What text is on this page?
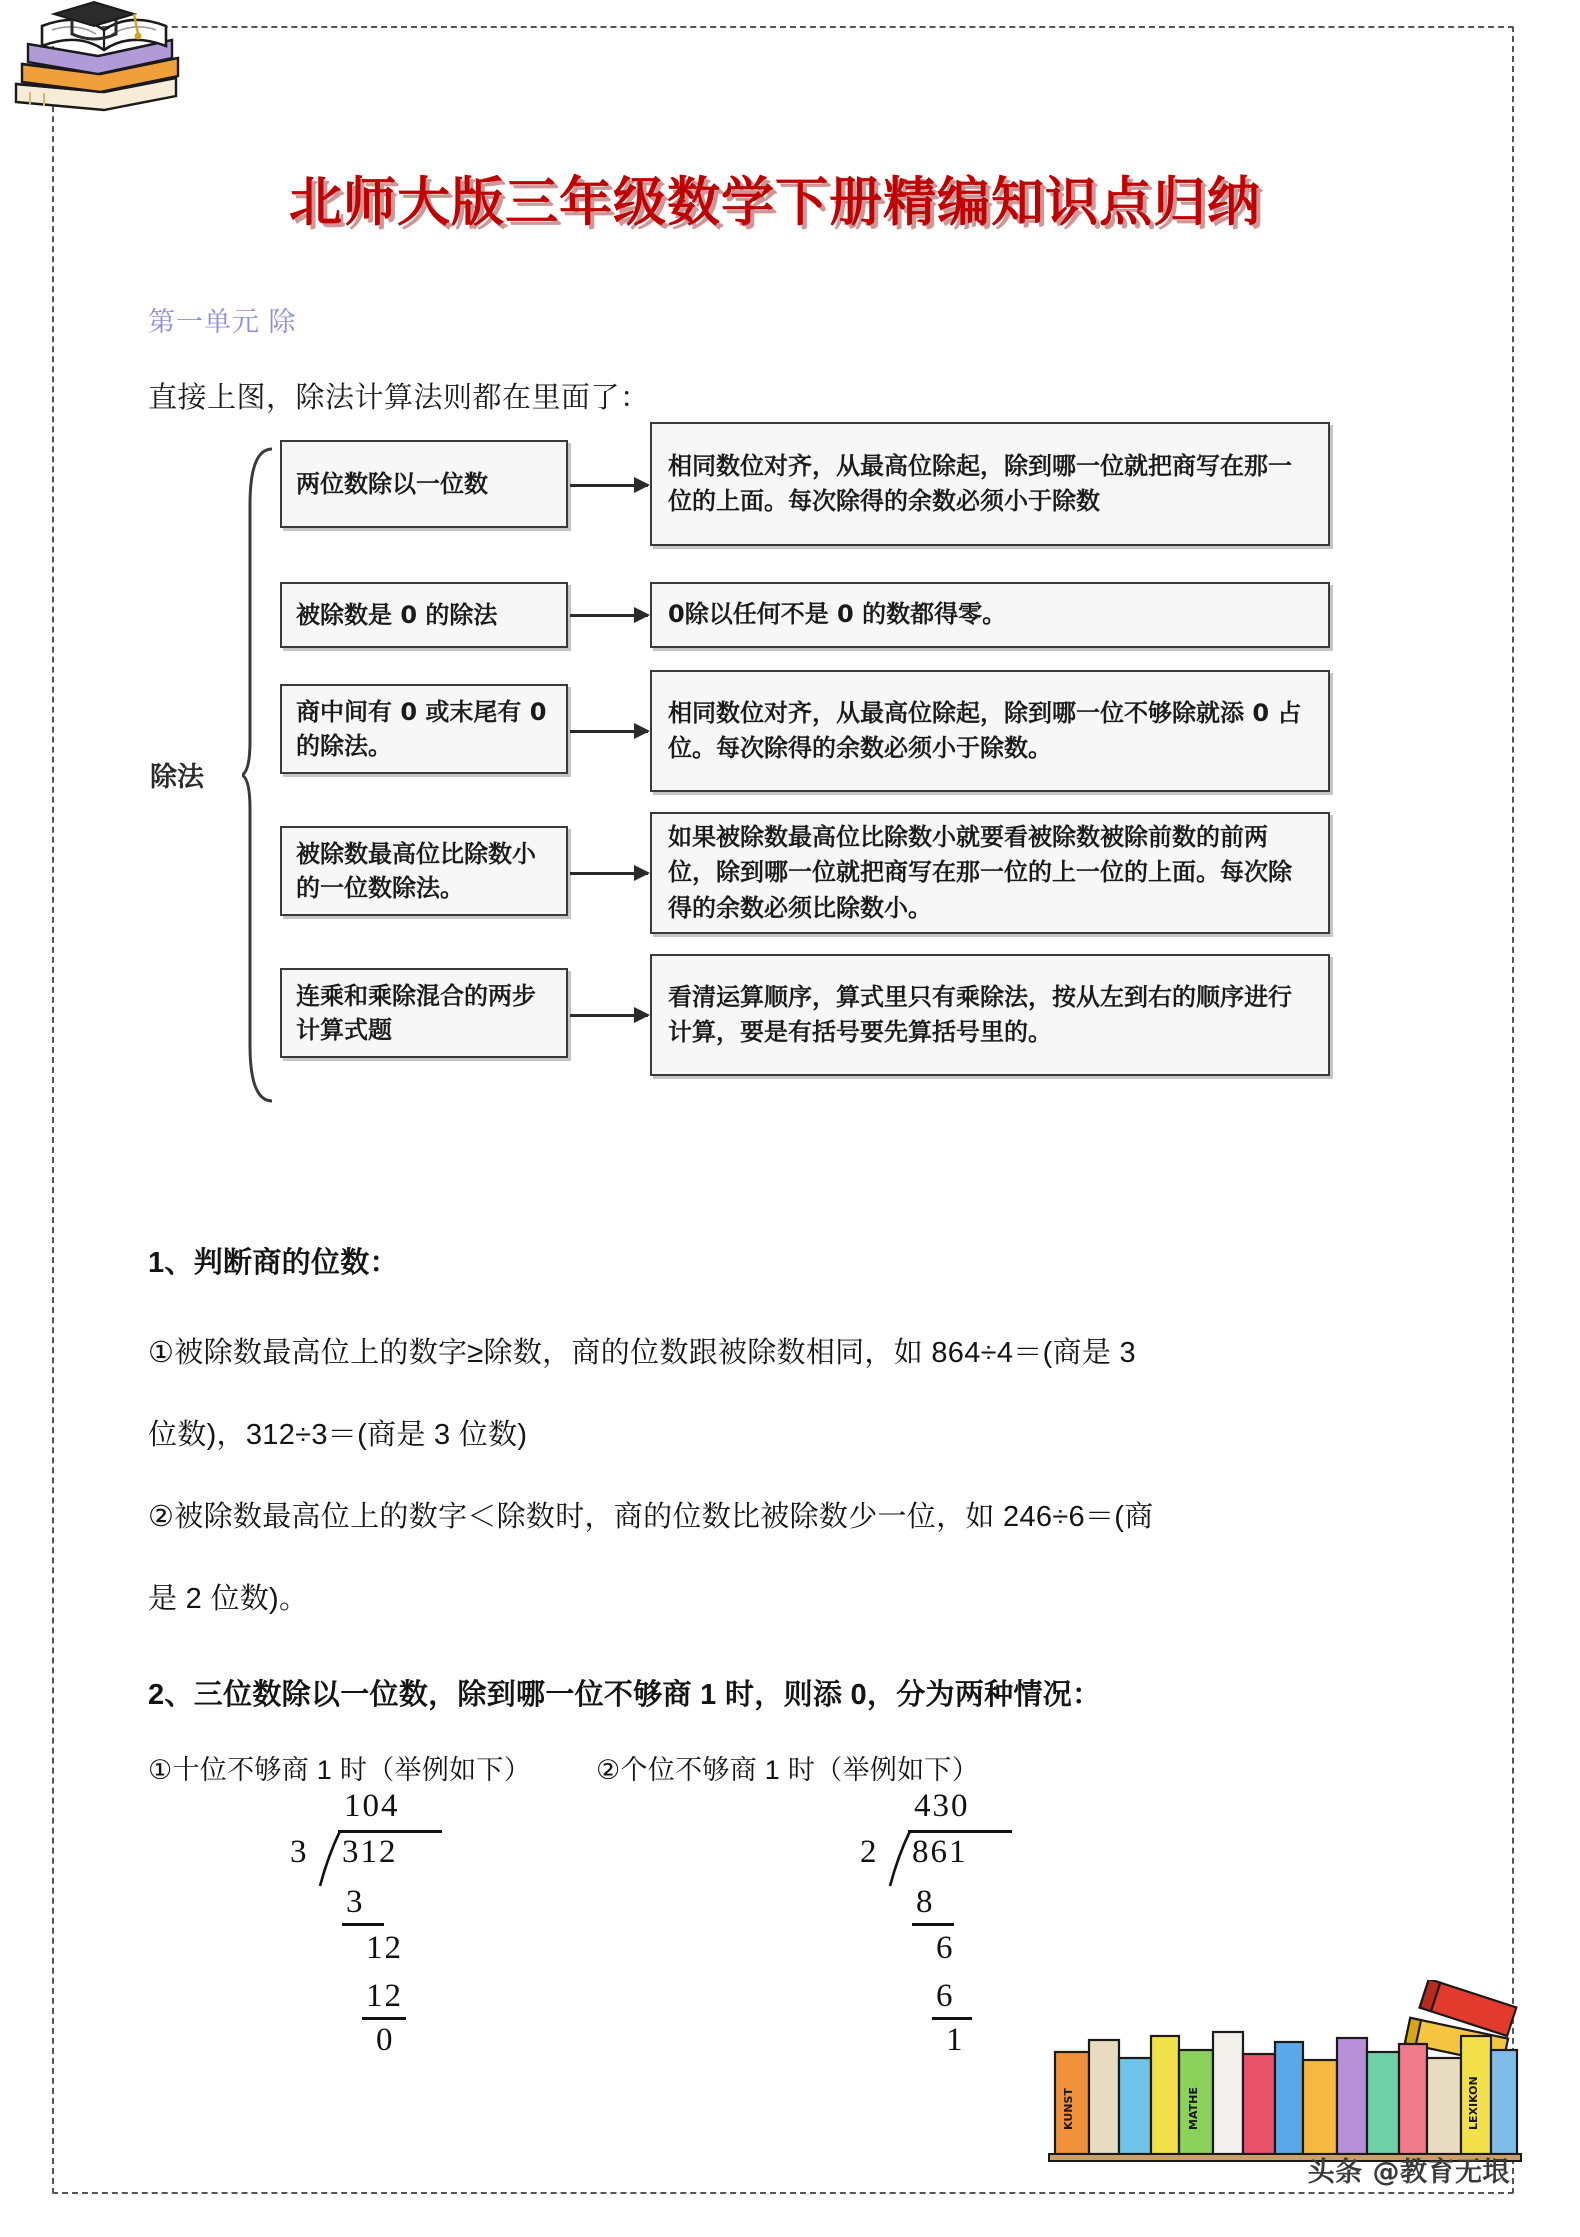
北师大版三年级数学下册精编知识点归纳
第一单元 除
直接上图，除法计算法则都在里面了：
除法
两位数除以一位数
相同数位对齐，从最高位除起，除到哪一位就把商写在那一位的上面。每次除得的余数必须小于除数
被除数是 0 的除法	0除以任何不是 0 的数都得零。
商中间有 0 或末尾有 0 的除法。
相同数位对齐，从最高位除起，除到哪一位不够除就添 0 占位。每次除得的余数必须小于除数。
被除数最高位比除数小的一位数除法。
如果被除数最高位比除数小就要看被除数被除前数的前两位，除到哪一位就把商写在那一位的上一位的上面。每次除得的余数必须比除数小。
连乘和乘除混合的两步计算式题
看清运算顺序，算式里只有乘除法，按从左到右的顺序进行计算，要是有括号要先算括号里的。
1、判断商的位数：
①被除数最高位上的数字≥除数，商的位数跟被除数相同，如 864÷4＝(商是 3
位数)，312÷3＝(商是 3 位数)
②被除数最高位上的数字＜除数时，商的位数比被除数少一位，如 246÷6＝(商
是 2 位数)。
2、三位数除以一位数，除到哪一位不够商 1 时，则添 0，分为两种情况：
①十位不够商 1 时（举例如下） ②个位不够商 1 时（举例如下）
104
3 312
3
12
12
0
430
2 861
8
6
6
1
KUNST	MATHE	LEXIKON
头条 @教育无垠
